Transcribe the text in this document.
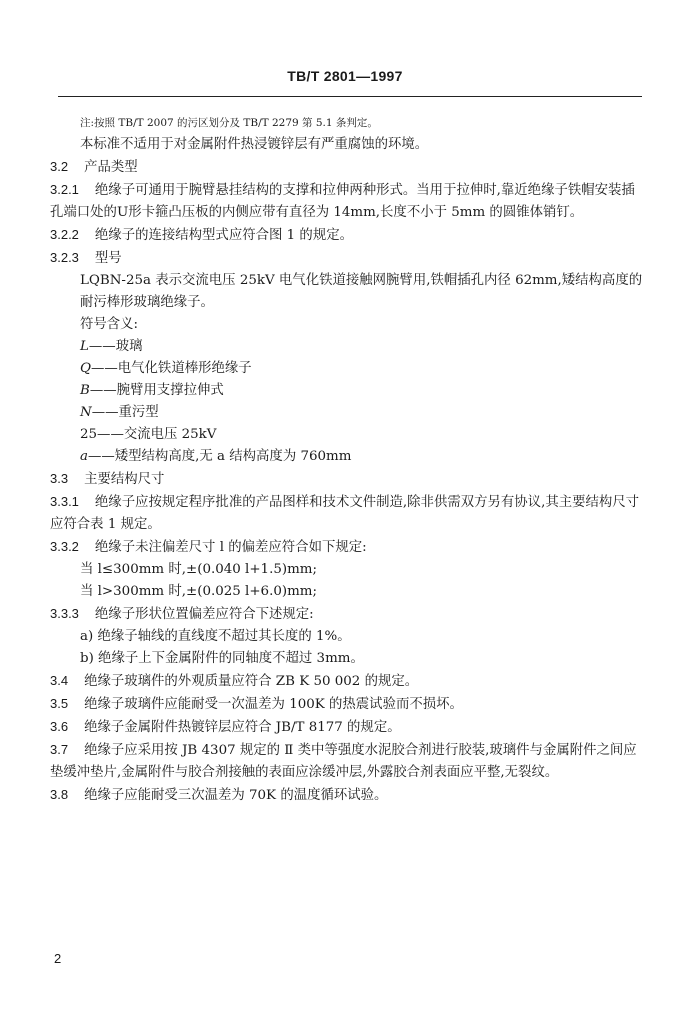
TB/T 2801—1997

注:按照 TB/T 2007 的污区划分及 TB/T 2279 第 5.1 条判定。

本标准不适用于对金属附件热浸镀锌层有严重腐蚀的环境。

3.2 产品类型

3.2.1 绝缘子可通用于腕臂悬挂结构的支撑和拉伸两种形式。当用于拉伸时,靠近绝缘子铁帽安装插孔端口处的U形卡箍凸压板的内侧应带有直径为 14mm,长度不小于 5mm 的圆锥体销钉。

3.2.2 绝缘子的连接结构型式应符合图 1 的规定。

3.2.3 型号

LQBN-25a 表示交流电压 25kV 电气化铁道接触网腕臂用,铁帽插孔内径 62mm,矮结构高度的耐污棒形玻璃绝缘子。

符号含义:

L——玻璃

Q——电气化铁道棒形绝缘子

B——腕臂用支撑拉伸式

N——重污型

25——交流电压 25kV

a——矮型结构高度,无 a 结构高度为 760mm

3.3 主要结构尺寸

3.3.1 绝缘子应按规定程序批准的产品图样和技术文件制造,除非供需双方另有协议,其主要结构尺寸应符合表 1 规定。

3.3.2 绝缘子未注偏差尺寸 l 的偏差应符合如下规定:

当 l≤300mm 时,±(0.040 l+1.5)mm;

当 l>300mm 时,±(0.025 l+6.0)mm;

3.3.3 绝缘子形状位置偏差应符合下述规定:

a) 绝缘子轴线的直线度不超过其长度的 1%。

b) 绝缘子上下金属附件的同轴度不超过 3mm。

3.4 绝缘子玻璃件的外观质量应符合 ZB K 50 002 的规定。

3.5 绝缘子玻璃件应能耐受一次温差为 100K 的热震试验而不损坏。

3.6 绝缘子金属附件热镀锌层应符合 JB/T 8177 的规定。

3.7 绝缘子应采用按 JB 4307 规定的 Ⅱ 类中等强度水泥胶合剂进行胶装,玻璃件与金属附件之间应垫缓冲垫片,金属附件与胶合剂接触的表面应涂缓冲层,外露胶合剂表面应平整,无裂纹。

3.8 绝缘子应能耐受三次温差为 70K 的温度循环试验。

2
